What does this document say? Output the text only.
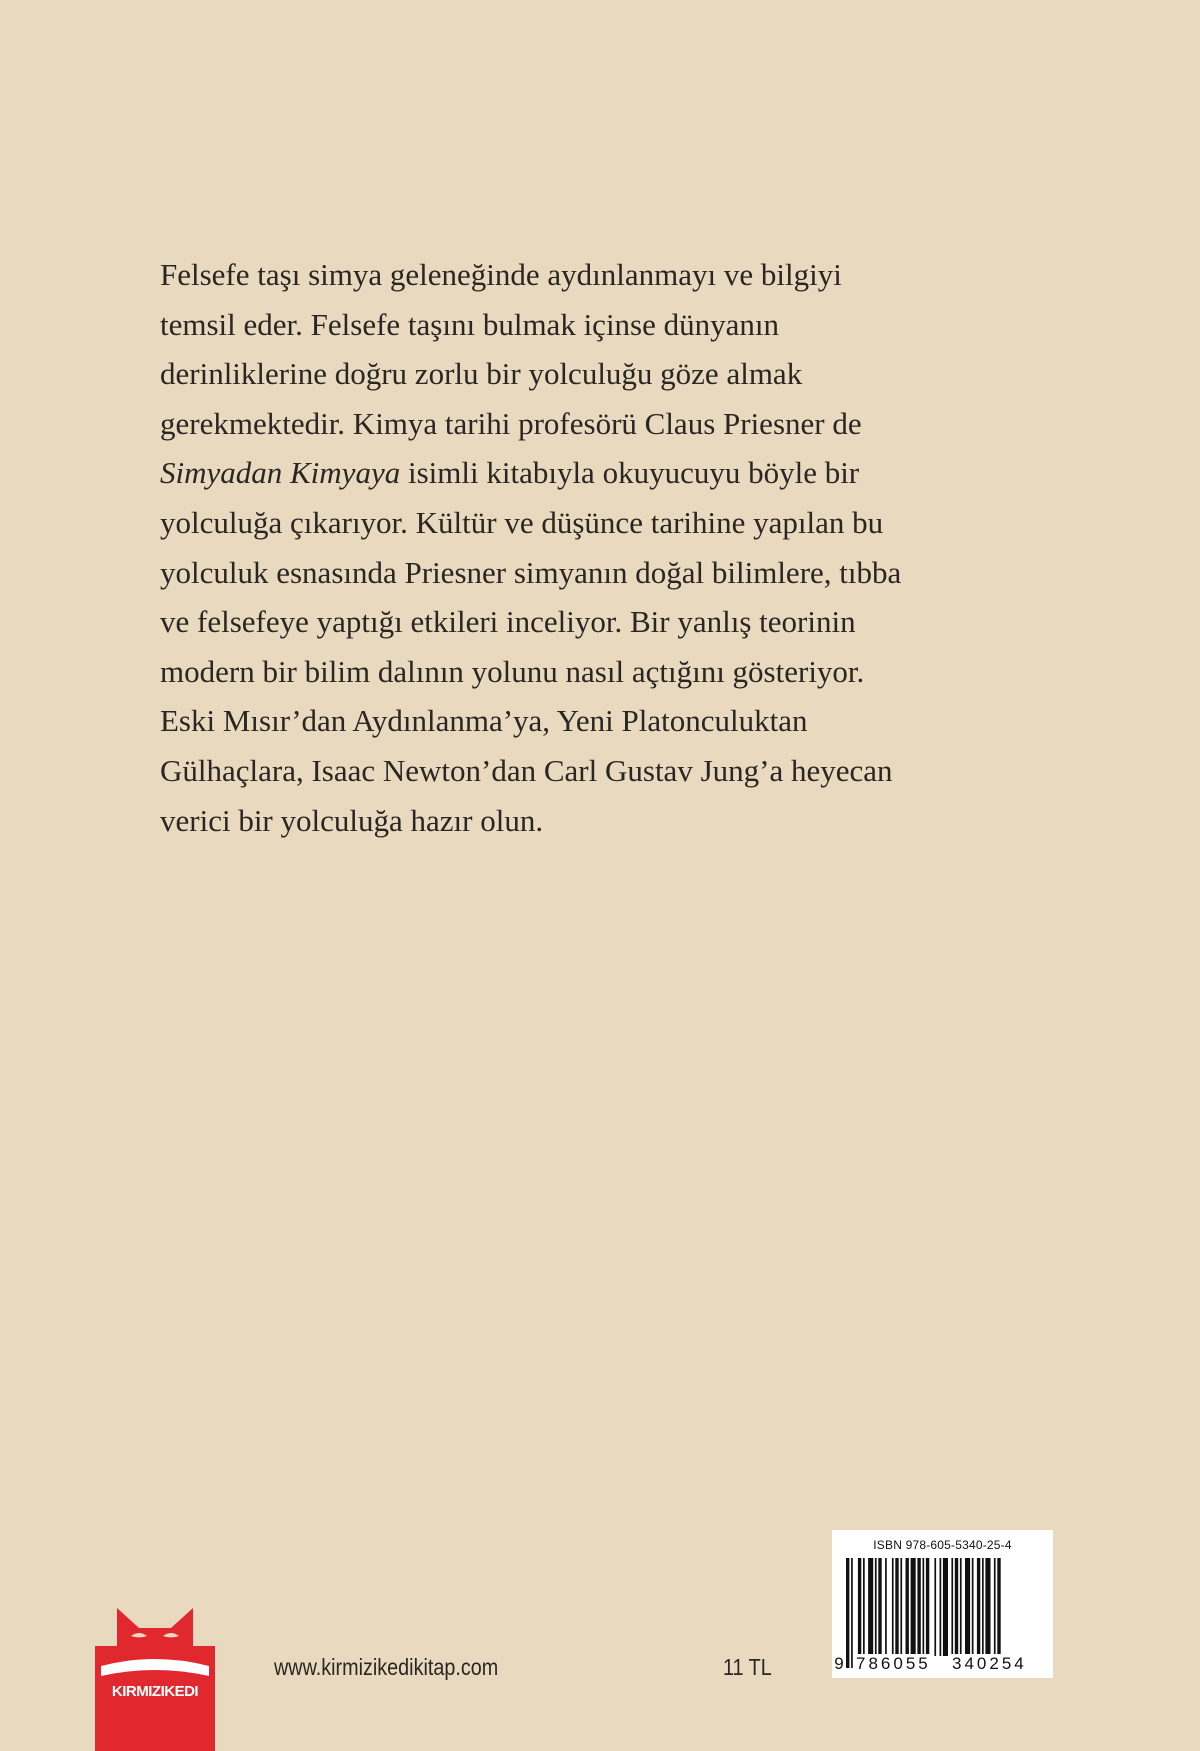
Felsefe taşı simya geleneğinde aydınlanmayı ve bilgiyi
temsil eder. Felsefe taşını bulmak içinse dünyanın
derinliklerine doğru zorlu bir yolculuğu göze almak
gerekmektedir. Kimya tarihi profesörü Claus Priesner de
Simyadan Kimyaya isimli kitabıyla okuyucuyu böyle bir
yolculuğa çıkarıyor. Kültür ve düşünce tarihine yapılan bu
yolculuk esnasında Priesner simyanın doğal bilimlere, tıbba
ve felsefeye yaptığı etkileri inceliyor. Bir yanlış teorinin
modern bir bilim dalının yolunu nasıl açtığını gösteriyor.
Eski Mısır’dan Aydınlanma’ya, Yeni Platonculuktan
Gülhaçlara, Isaac Newton’dan Carl Gustav Jung’a heyecan
verici bir yolculuğa hazır olun.
KIRMIZIKEDI
www.kirmizikedikitap.com	11 TL
ISBN 978-605-5340-25-4
9 786055 340254
